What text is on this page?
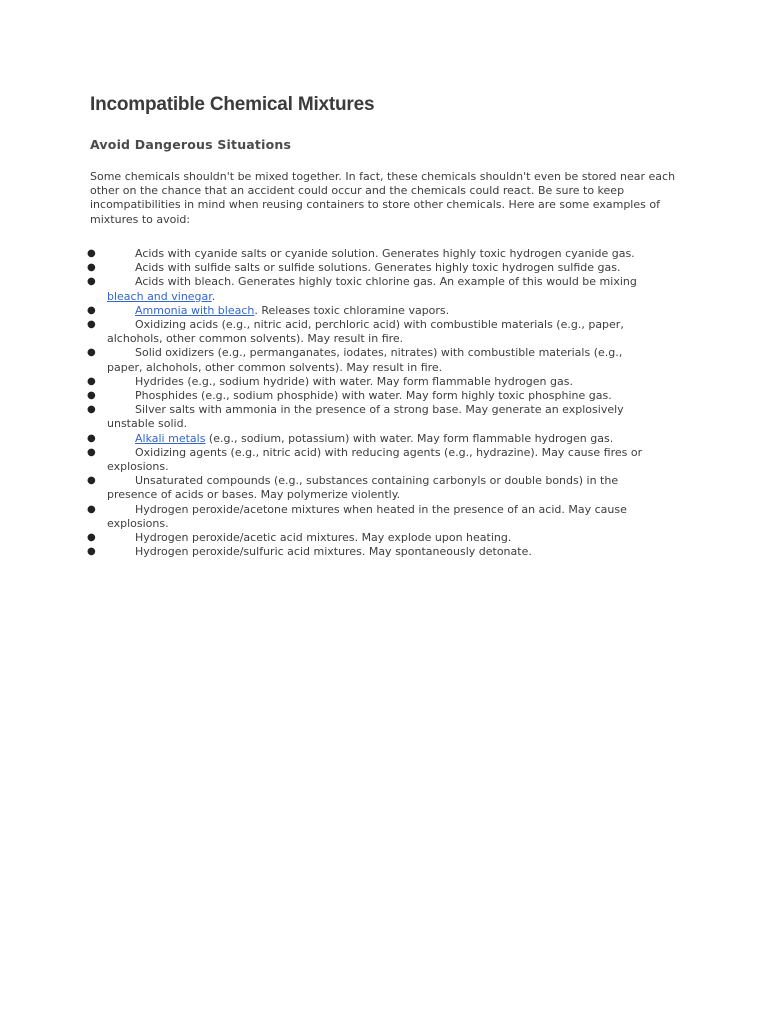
Incompatible Chemical Mixtures
Avoid Dangerous Situations

Some chemicals shouldn't be mixed together. In fact, these chemicals shouldn't even be stored near each other on the chance that an accident could occur and the chemicals could react. Be sure to keep incompatibilities in mind when reusing containers to store other chemicals. Here are some examples of mixtures to avoid:

●	Acids with cyanide salts or cyanide solution. Generates highly toxic hydrogen cyanide gas.
●	Acids with sulfide salts or sulfide solutions. Generates highly toxic hydrogen sulfide gas.
●	Acids with bleach. Generates highly toxic chlorine gas. An example of this would be mixing bleach and vinegar.
●	Ammonia with bleach. Releases toxic chloramine vapors.
●	Oxidizing acids (e.g., nitric acid, perchloric acid) with combustible materials (e.g., paper, alchohols, other common solvents). May result in fire.
●	Solid oxidizers (e.g., permanganates, iodates, nitrates) with combustible materials (e.g., paper, alchohols, other common solvents). May result in fire.
●	Hydrides (e.g., sodium hydride) with water. May form flammable hydrogen gas.
●	Phosphides (e.g., sodium phosphide) with water. May form highly toxic phosphine gas.
●	Silver salts with ammonia in the presence of a strong base. May generate an explosively unstable solid.
●	Alkali metals (e.g., sodium, potassium) with water. May form flammable hydrogen gas.
●	Oxidizing agents (e.g., nitric acid) with reducing agents (e.g., hydrazine). May cause fires or explosions.
●	Unsaturated compounds (e.g., substances containing carbonyls or double bonds) in the presence of acids or bases. May polymerize violently.
●	Hydrogen peroxide/acetone mixtures when heated in the presence of an acid. May cause explosions.
●	Hydrogen peroxide/acetic acid mixtures. May explode upon heating.
●	Hydrogen peroxide/sulfuric acid mixtures. May spontaneously detonate.
